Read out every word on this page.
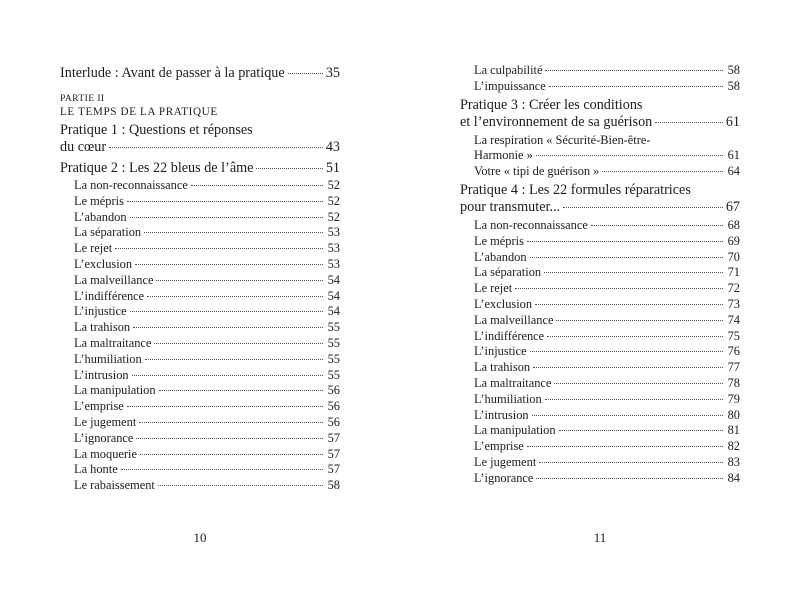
Interlude : Avant de passer à la pratique	35
PARTIE II
LE TEMPS DE LA PRATIQUE
Pratique 1 : Questions et réponses
du cœur	43
Pratique 2 : Les 22 bleus de l’âme	51
La non-reconnaissance	52
Le mépris	52
L’abandon	52
La séparation	53
Le rejet	53
L’exclusion	53
La malveillance	54
L’indifférence	54
L’injustice	54
La trahison	55
La maltraitance	55
L’humiliation	55
L’intrusion	55
La manipulation	56
L’emprise	56
Le jugement	56
L’ignorance	57
La moquerie	57
La honte	57
Le rabaissement	58
10
La culpabilité	58
L’impuissance	58
Pratique 3 : Créer les conditions
et l’environnement de sa guérison	61
La respiration « Sécurité-Bien-être-
Harmonie »	61
Votre « tipi de guérison »	64
Pratique 4 : Les 22 formules réparatrices
pour transmuter...	67
La non-reconnaissance	68
Le mépris	69
L’abandon	70
La séparation	71
Le rejet	72
L’exclusion	73
La malveillance	74
L’indifférence	75
L’injustice	76
La trahison	77
La maltraitance	78
L’humiliation	79
L’intrusion	80
La manipulation	81
L’emprise	82
Le jugement	83
L’ignorance	84
11
